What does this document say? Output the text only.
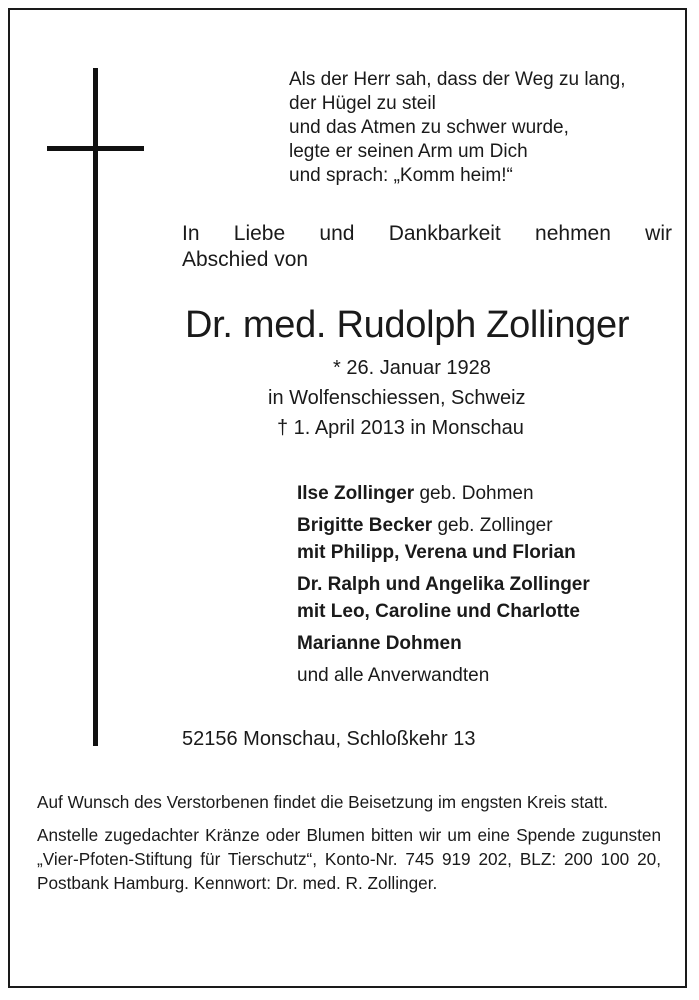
Als der Herr sah, dass der Weg zu lang,
der Hügel zu steil
und das Atmen zu schwer wurde,
legte er seinen Arm um Dich
und sprach: „Komm heim!“
In Liebe und Dankbarkeit nehmen wir
Abschied von
Dr. med. Rudolph Zollinger
* 26. Januar 1928
in Wolfenschiessen, Schweiz
† 1. April 2013 in Monschau
Ilse Zollinger geb. Dohmen
Brigitte Becker geb. Zollinger
mit Philipp, Verena und Florian
Dr. Ralph und Angelika Zollinger
mit Leo, Caroline und Charlotte
Marianne Dohmen
und alle Anverwandten
52156 Monschau, Schloßkehr 13

Auf Wunsch des Verstorbenen findet die Beisetzung im engsten Kreis statt.

Anstelle zugedachter Kränze oder Blumen bitten wir um eine Spende zugunsten „Vier-Pfoten-Stiftung für Tierschutz“, Konto-Nr. 745 919 202, BLZ: 200 100 20, Postbank Hamburg. Kennwort: Dr. med. R. Zollinger.
